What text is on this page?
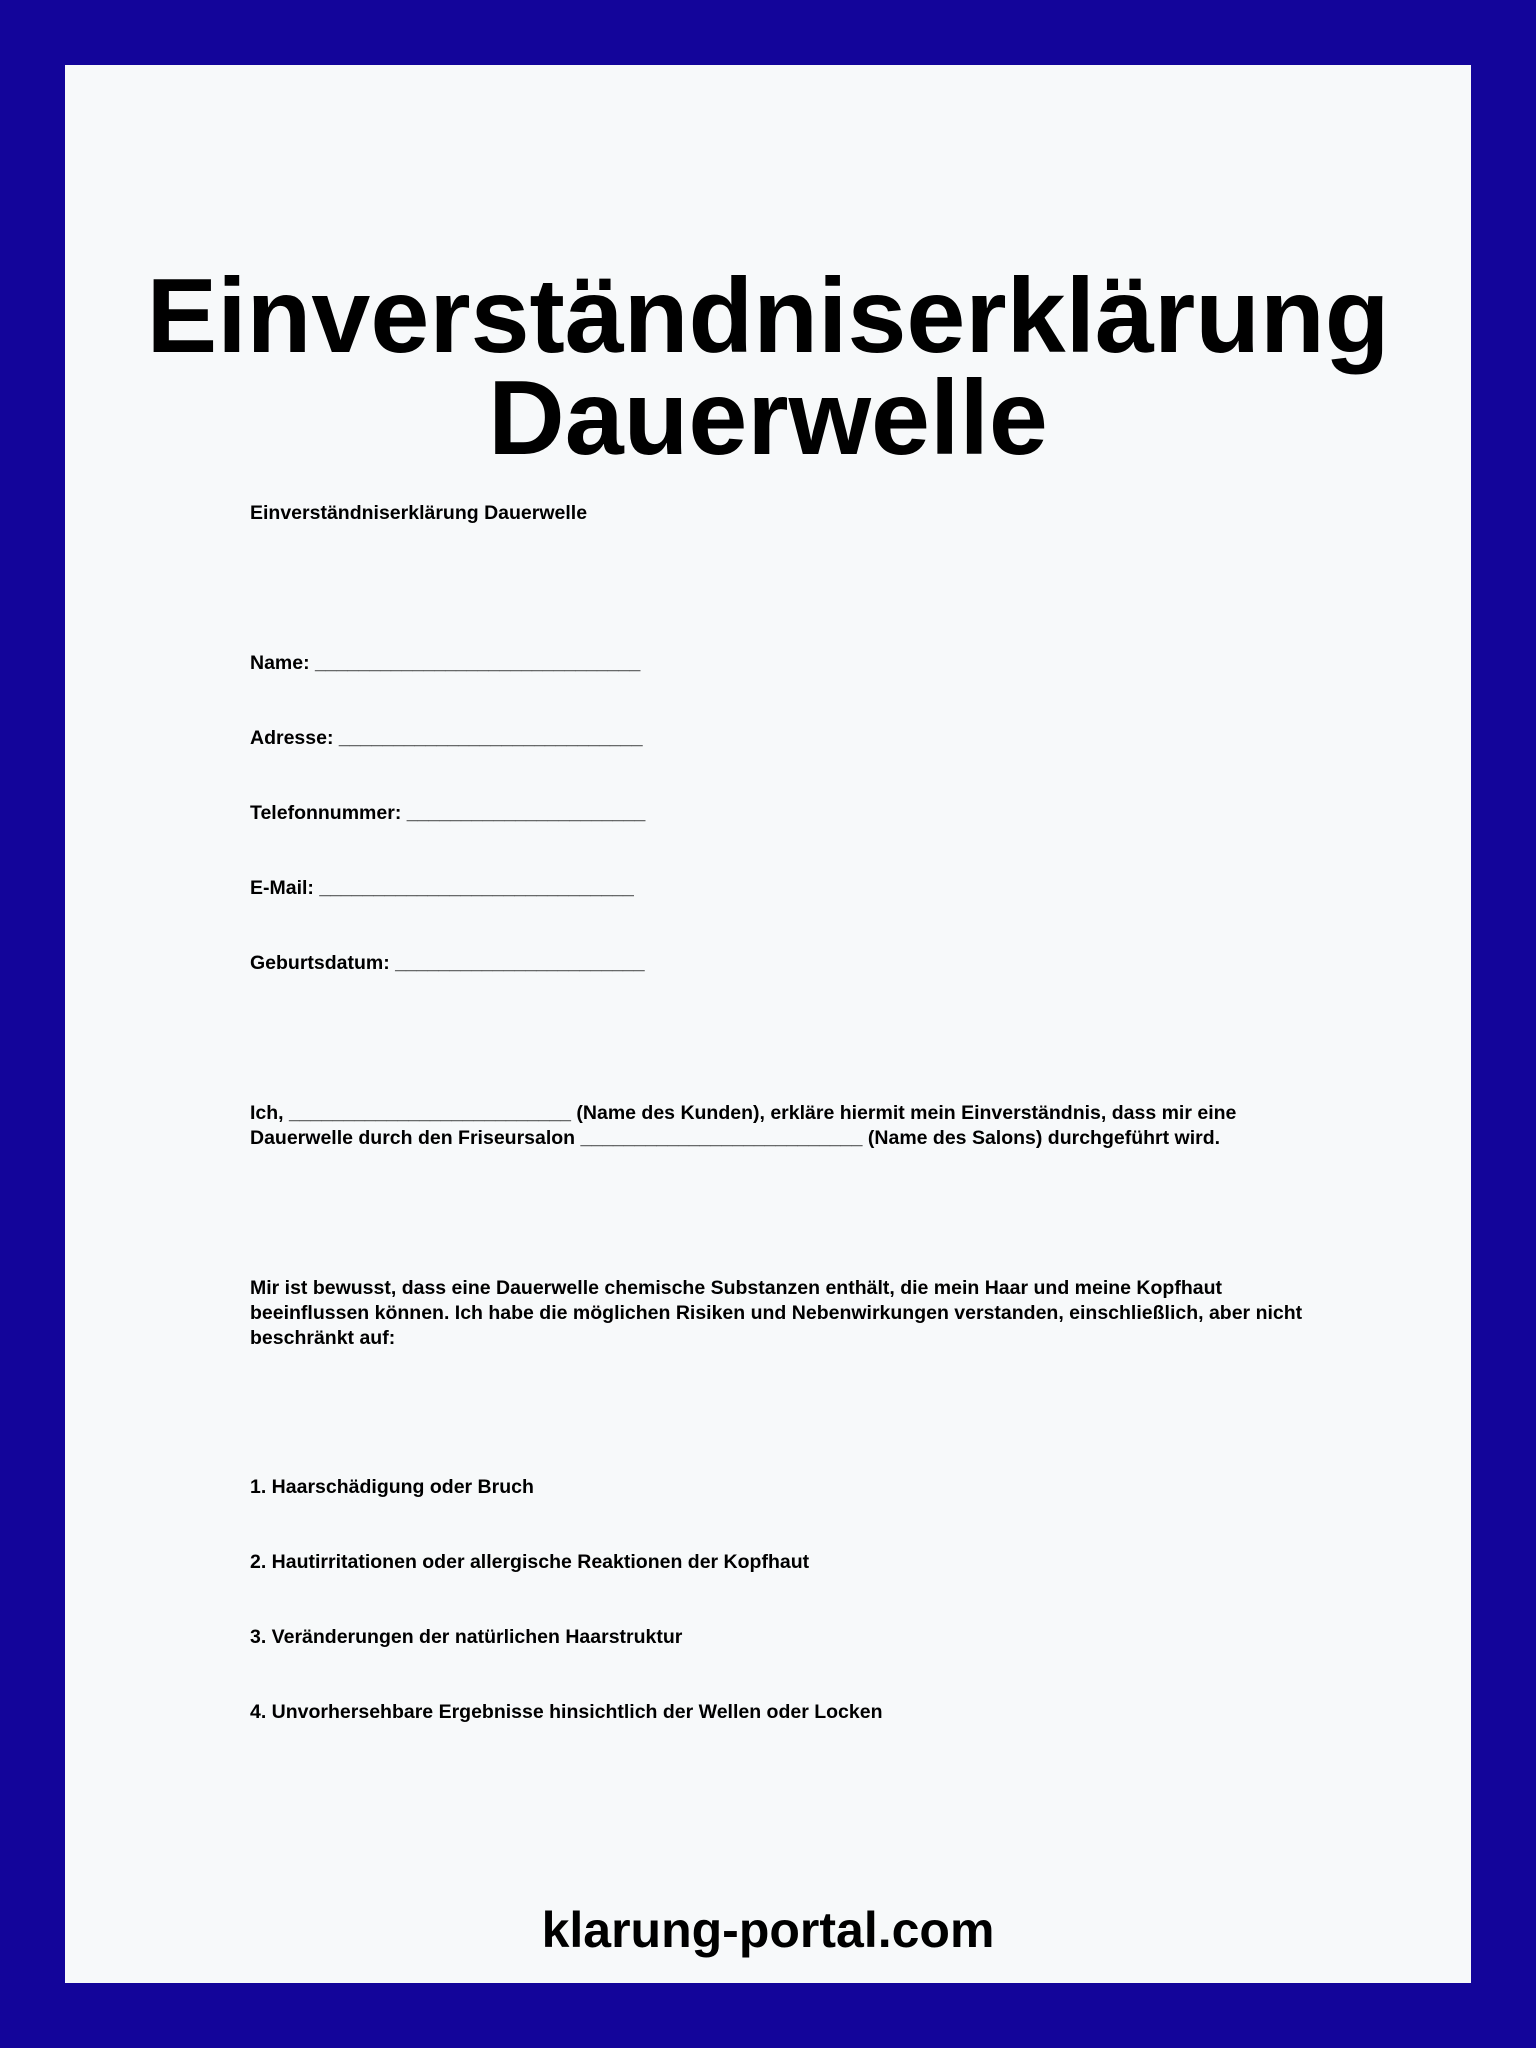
Einverständniserklärung
Dauerwelle

Einverständniserklärung Dauerwelle

Name: ______________________________

Adresse: ____________________________

Telefonnummer: ______________________

E-Mail: _____________________________

Geburtsdatum: _______________________

Ich, __________________________ (Name des Kunden), erkläre hiermit mein Einverständnis, dass mir eine Dauerwelle durch den Friseursalon __________________________ (Name des Salons) durchgeführt wird.

Mir ist bewusst, dass eine Dauerwelle chemische Substanzen enthält, die mein Haar und meine Kopfhaut beeinflussen können. Ich habe die möglichen Risiken und Nebenwirkungen verstanden, einschließlich, aber nicht beschränkt auf:

1. Haarschädigung oder Bruch

2. Hautirritationen oder allergische Reaktionen der Kopfhaut

3. Veränderungen der natürlichen Haarstruktur

4. Unvorhersehbare Ergebnisse hinsichtlich der Wellen oder Locken

klarung-portal.com
